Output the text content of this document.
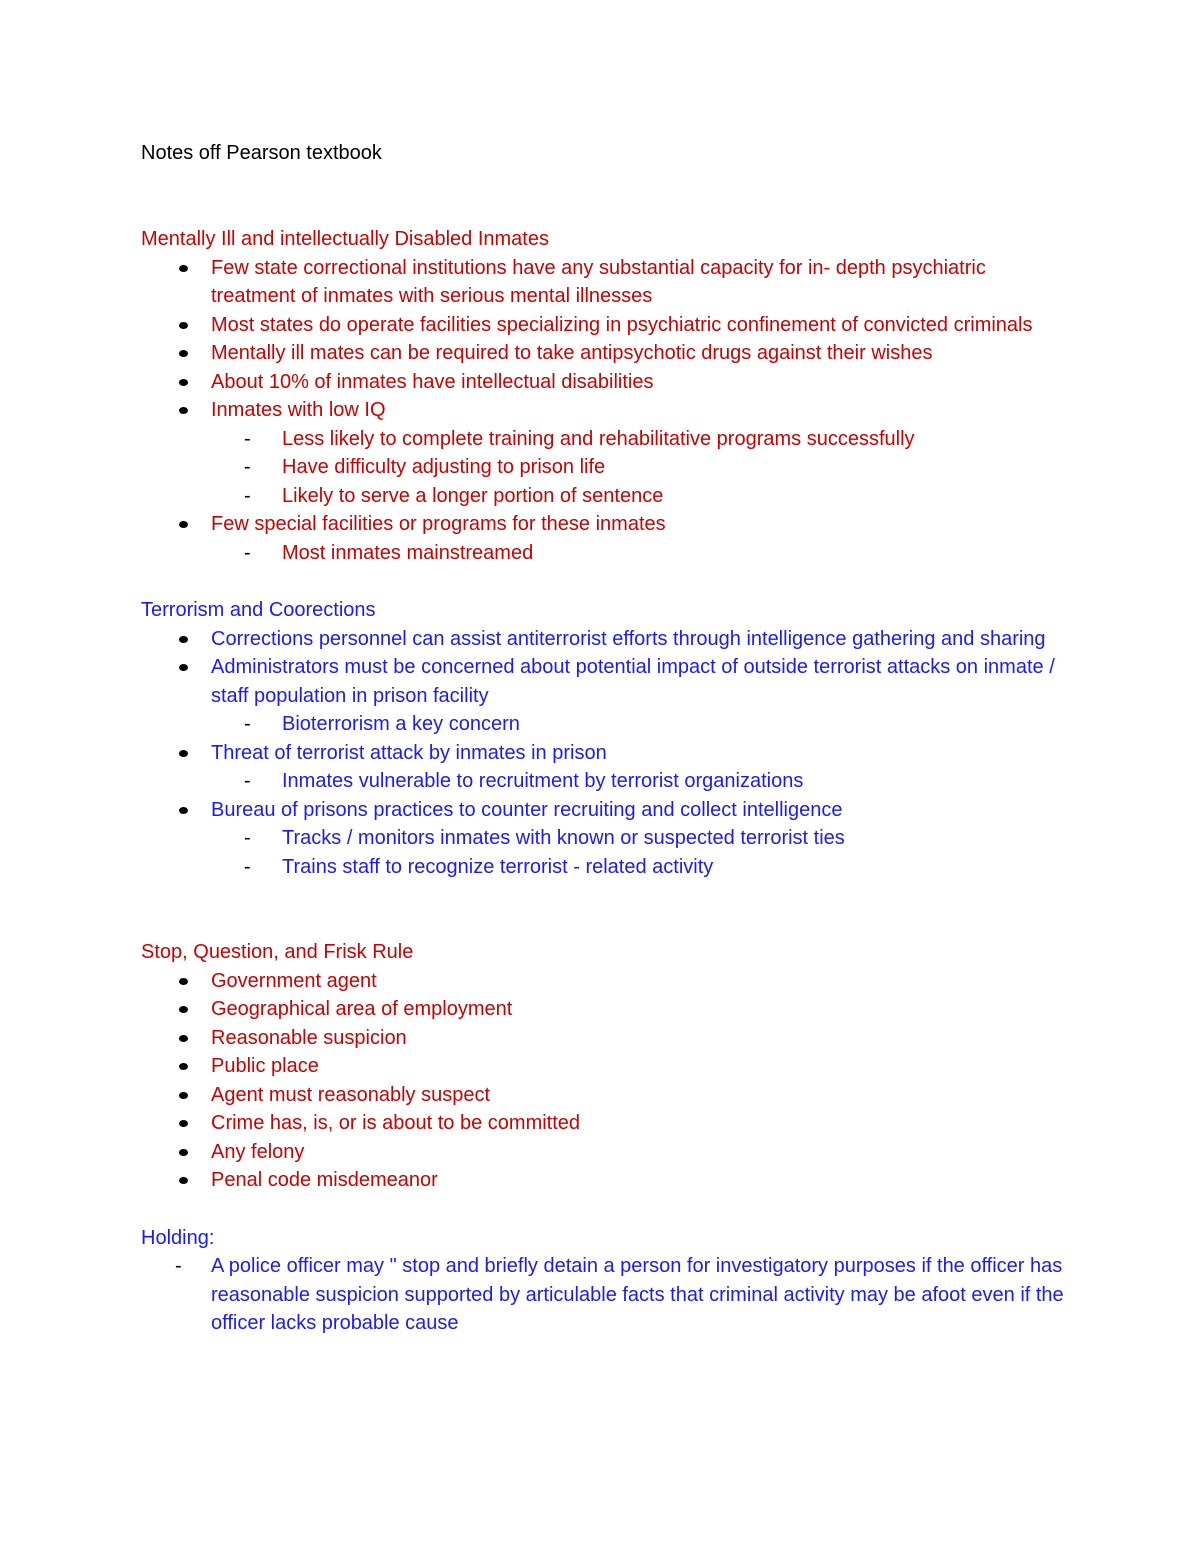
Notes off Pearson textbook

Mentally Ill and intellectually Disabled Inmates

Few state correctional institutions have any substantial capacity for in- depth psychiatric treatment of inmates with serious mental illnesses
Most states do operate facilities specializing in psychiatric confinement of convicted criminals
Mentally ill mates can be required to take antipsychotic drugs against their wishes
About 10% of inmates have intellectual disabilities
Inmates with low IQ
- Less likely to complete training and rehabilitative programs successfully
- Have difficulty adjusting to prison life
- Likely to serve a longer portion of sentence
Few special facilities or programs for these inmates
- Most inmates mainstreamed

Terrorism and Coorections

Corrections personnel can assist antiterrorist efforts through intelligence gathering and sharing
Administrators must be concerned about potential impact of outside terrorist attacks on inmate / staff population in prison facility
- Bioterrorism a key concern
Threat of terrorist attack by inmates in prison
- Inmates vulnerable to recruitment by terrorist organizations
Bureau of prisons practices to counter recruiting and collect intelligence
- Tracks / monitors inmates with known or suspected terrorist ties
- Trains staff to recognize terrorist - related activity

Stop, Question, and Frisk Rule

Government agent
Geographical area of employment
Reasonable suspicion
Public place
Agent must reasonably suspect
Crime has, is, or is about to be committed
Any felony
Penal code misdemeanor

Holding:

- A police officer may " stop and briefly detain a person for investigatory purposes if the officer has reasonable suspicion supported by articulable facts that criminal activity may be afoot even if the officer lacks probable cause
